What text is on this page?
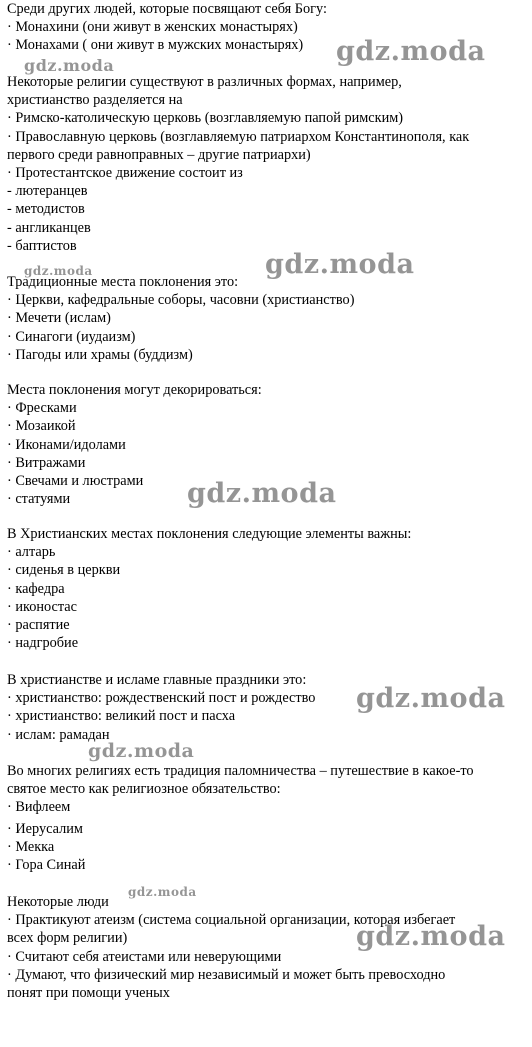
Среди других людей, которые посвящают себя Богу:
· Монахини (они живут в женских монастырях)
· Монахами ( они живут в мужских монастырях)
Некоторые религии существуют в различных формах, например,
христианство разделяется на
· Римско-католическую церковь (возглавляемую папой римским)
· Православную церковь (возглавляемую патриархом Константинополя, как
первого среди равноправных – другие патриархи)
· Протестантское движение состоит из
- лютеранцев
- методистов
- англиканцев
- баптистов
Традиционные места поклонения это:
· Церкви, кафедральные соборы, часовни (христианство)
· Мечети (ислам)
· Синагоги (иудаизм)
· Пагоды или храмы (буддизм)
Места поклонения могут декорироваться:
· Фресками
· Мозаикой
· Иконами/идолами
· Витражами
· Свечами и люстрами
· статуями
В Христианских местах поклонения следующие элементы важны:
· алтарь
· сиденья в церкви
· кафедра
· иконостас
· распятие
· надгробие
В христианстве и исламе главные праздники это:
· христианство: рождественский пост и рождество
· христианство: великий пост и пасха
· ислам: рамадан
Во многих религиях есть традиция паломничества – путешествие в какое-то
святое место как религиозное обязательство:
· Вифлеем
· Иерусалим
· Мекка
· Гора Синай
Некоторые люди
· Практикуют атеизм (система социальной организации, которая избегает
всех форм религии)
· Считают себя атеистами или неверующими
· Думают, что физический мир независимый и может быть превосходно
понят при помощи ученых
gdz.moda	gdz.moda
gdz.moda	gdz.moda
gdz.moda
gdz.moda
gdz.moda
gdz.moda
gdz.moda
